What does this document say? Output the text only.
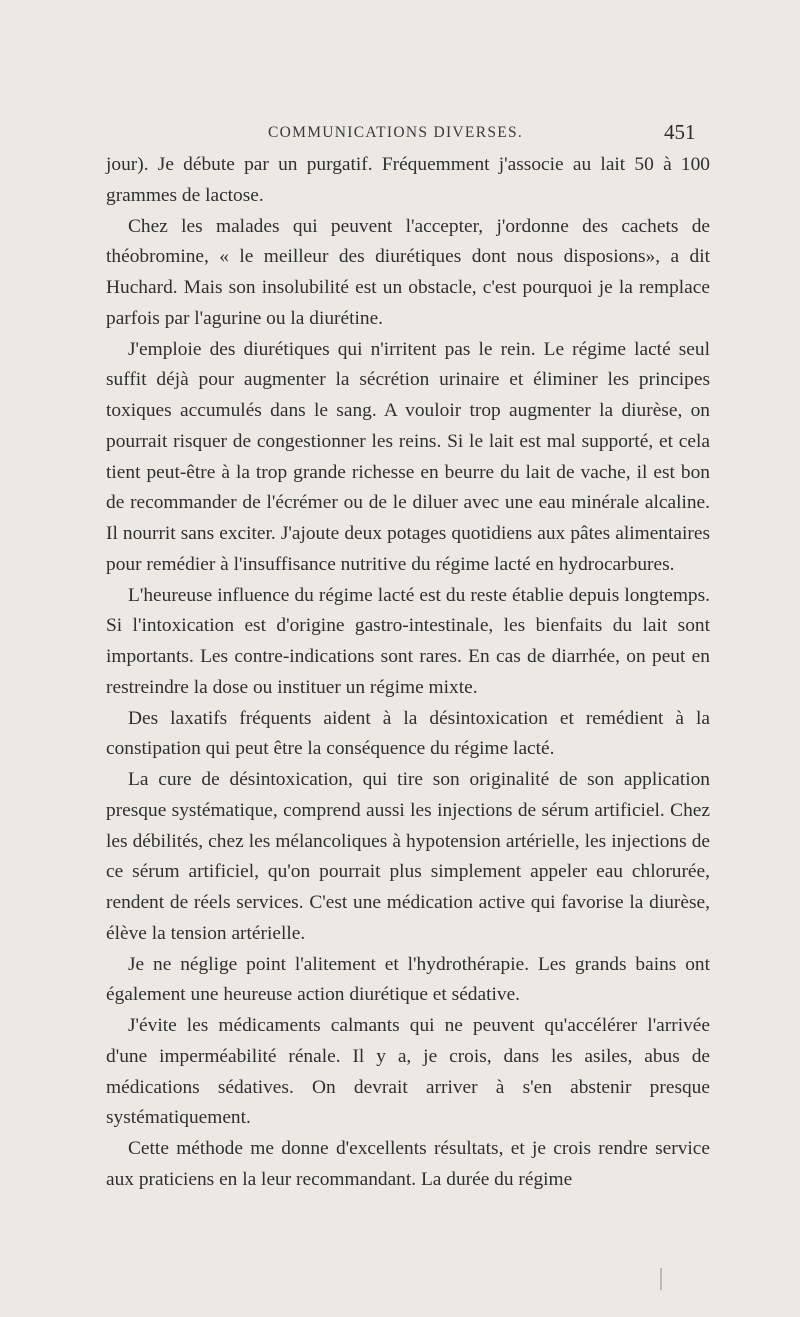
COMMUNICATIONS DIVERSES.	451

jour). Je débute par un purgatif. Fréquemment j'associe au lait 50 à 100 grammes de lactose.

Chez les malades qui peuvent l'accepter, j'ordonne des cachets de théobromine, « le meilleur des diurétiques dont nous disposions», a dit Huchard. Mais son insolubilité est un obstacle, c'est pourquoi je la remplace parfois par l'agurine ou la diurétine.

J'emploie des diurétiques qui n'irritent pas le rein. Le régime lacté seul suffit déjà pour augmenter la sécrétion urinaire et éliminer les principes toxiques accumulés dans le sang. A vouloir trop augmenter la diurèse, on pourrait risquer de congestionner les reins. Si le lait est mal supporté, et cela tient peut-être à la trop grande richesse en beurre du lait de vache, il est bon de recommander de l'écrémer ou de le diluer avec une eau minérale alcaline. Il nourrit sans exciter. J'ajoute deux potages quotidiens aux pâtes alimentaires pour remédier à l'insuffisance nutritive du régime lacté en hydrocarbures.

L'heureuse influence du régime lacté est du reste établie depuis longtemps. Si l'intoxication est d'origine gastro-intestinale, les bienfaits du lait sont importants. Les contre-indications sont rares. En cas de diarrhée, on peut en restreindre la dose ou instituer un régime mixte.

Des laxatifs fréquents aident à la désintoxication et remédient à la constipation qui peut être la conséquence du régime lacté.

La cure de désintoxication, qui tire son originalité de son application presque systématique, comprend aussi les injections de sérum artificiel. Chez les débilités, chez les mélancoliques à hypotension artérielle, les injections de ce sérum artificiel, qu'on pourrait plus simplement appeler eau chlorurée, rendent de réels services. C'est une médication active qui favorise la diurèse, élève la tension artérielle.

Je ne néglige point l'alitement et l'hydrothérapie. Les grands bains ont également une heureuse action diurétique et sédative.

J'évite les médicaments calmants qui ne peuvent qu'accélérer l'arrivée d'une imperméabilité rénale. Il y a, je crois, dans les asiles, abus de médications sédatives. On devrait arriver à s'en abstenir presque systématiquement.

Cette méthode me donne d'excellents résultats, et je crois rendre service aux praticiens en la leur recommandant. La durée du régime
